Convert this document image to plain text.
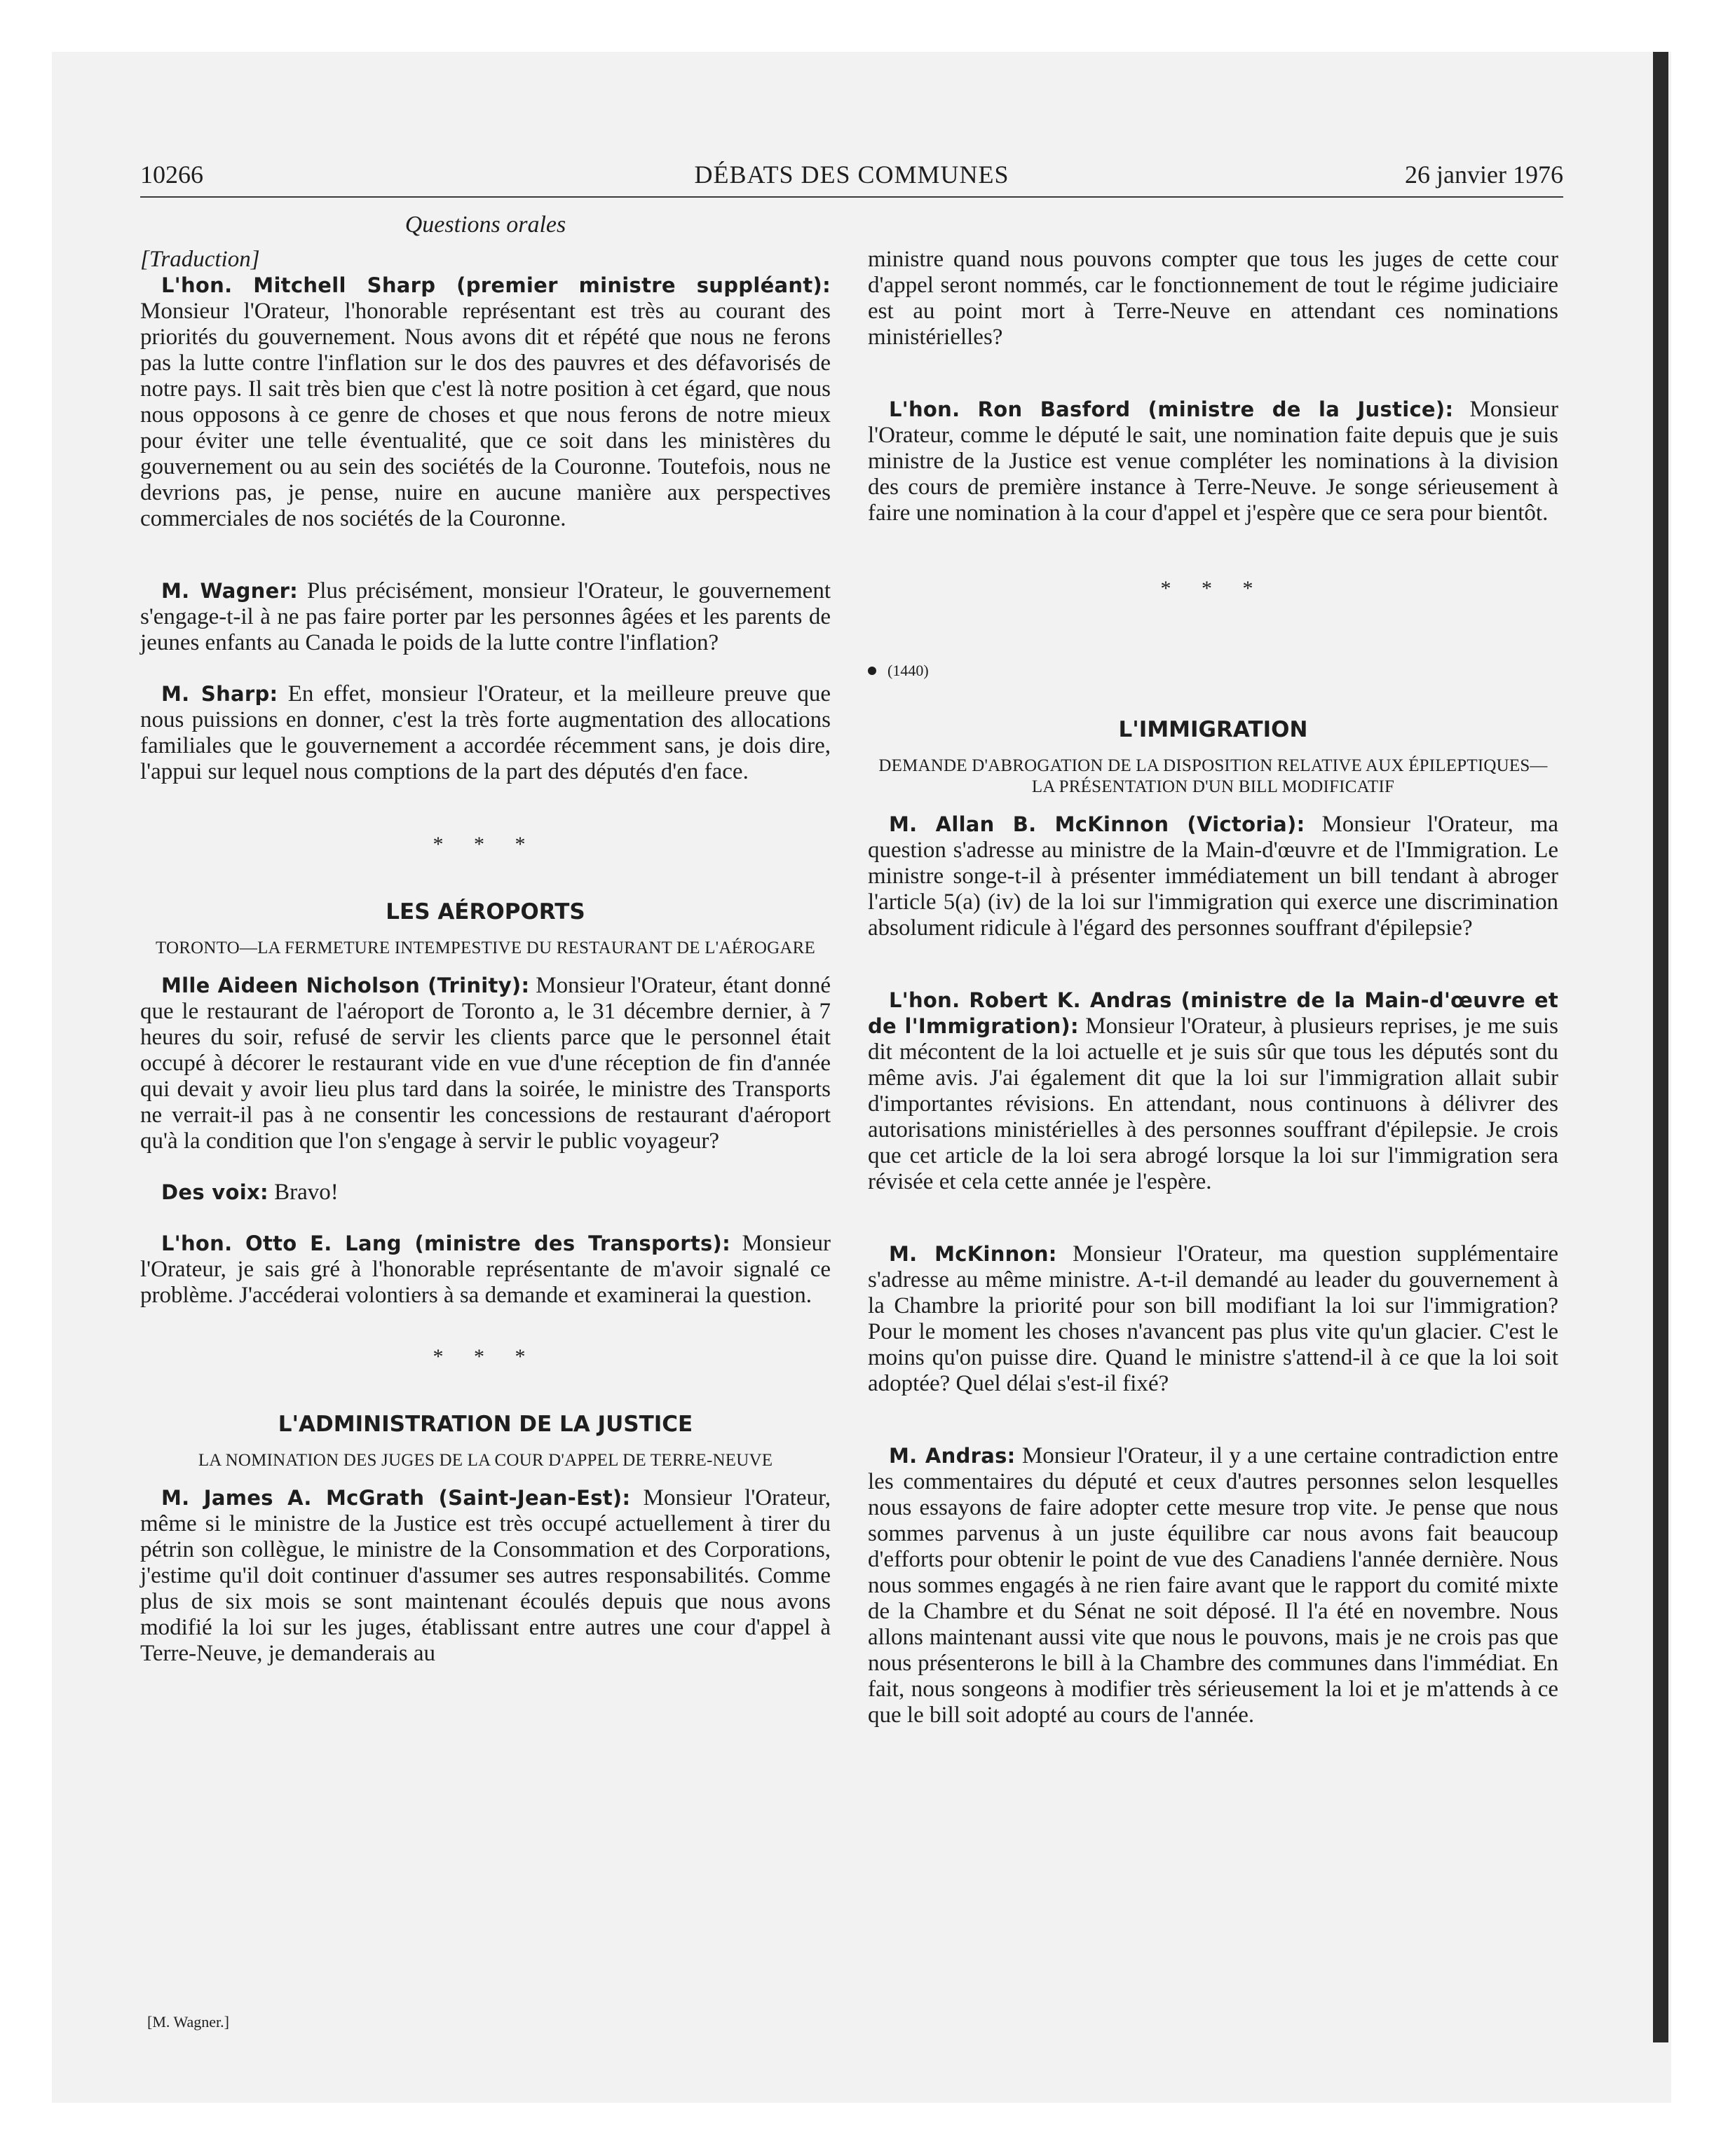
10266	DÉBATS DES COMMUNES	26 janvier 1976
Questions orales

[Traduction]

L'hon. Mitchell Sharp (premier ministre suppléant): Monsieur l'Orateur, l'honorable représentant est très au courant des priorités du gouvernement. Nous avons dit et répété que nous ne ferons pas la lutte contre l'inflation sur le dos des pauvres et des défavorisés de notre pays. Il sait très bien que c'est là notre position à cet égard, que nous nous opposons à ce genre de choses et que nous ferons de notre mieux pour éviter une telle éventualité, que ce soit dans les ministères du gouvernement ou au sein des sociétés de la Couronne. Toutefois, nous ne devrions pas, je pense, nuire en aucune manière aux perspectives commerciales de nos sociétés de la Couronne.

M. Wagner: Plus précisément, monsieur l'Orateur, le gouvernement s'engage-t-il à ne pas faire porter par les personnes âgées et les parents de jeunes enfants au Canada le poids de la lutte contre l'inflation?

M. Sharp: En effet, monsieur l'Orateur, et la meilleure preuve que nous puissions en donner, c'est la très forte augmentation des allocations familiales que le gouvernement a accordée récemment sans, je dois dire, l'appui sur lequel nous comptions de la part des députés d'en face.

* * *
LES AÉROPORTS
TORONTO—LA FERMETURE INTEMPESTIVE DU RESTAURANT DE L'AÉROGARE

Mlle Aideen Nicholson (Trinity): Monsieur l'Orateur, étant donné que le restaurant de l'aéroport de Toronto a, le 31 décembre dernier, à 7 heures du soir, refusé de servir les clients parce que le personnel était occupé à décorer le restaurant vide en vue d'une réception de fin d'année qui devait y avoir lieu plus tard dans la soirée, le ministre des Transports ne verrait-il pas à ne consentir les concessions de restaurant d'aéroport qu'à la condition que l'on s'engage à servir le public voyageur?

Des voix: Bravo!

L'hon. Otto E. Lang (ministre des Transports): Monsieur l'Orateur, je sais gré à l'honorable représentante de m'avoir signalé ce problème. J'accéderai volontiers à sa demande et examinerai la question.

* * *
L'ADMINISTRATION DE LA JUSTICE
LA NOMINATION DES JUGES DE LA COUR D'APPEL DE TERRE-NEUVE

M. James A. McGrath (Saint-Jean-Est): Monsieur l'Orateur, même si le ministre de la Justice est très occupé actuellement à tirer du pétrin son collègue, le ministre de la Consommation et des Corporations, j'estime qu'il doit continuer d'assumer ses autres responsabilités. Comme plus de six mois se sont maintenant écoulés depuis que nous avons modifié la loi sur les juges, établissant entre autres une cour d'appel à Terre-Neuve, je demanderais au

[M. Wagner.]

ministre quand nous pouvons compter que tous les juges de cette cour d'appel seront nommés, car le fonctionnement de tout le régime judiciaire est au point mort à Terre-Neuve en attendant ces nominations ministérielles?

L'hon. Ron Basford (ministre de la Justice): Monsieur l'Orateur, comme le député le sait, une nomination faite depuis que je suis ministre de la Justice est venue compléter les nominations à la division des cours de première instance à Terre-Neuve. Je songe sérieusement à faire une nomination à la cour d'appel et j'espère que ce sera pour bientôt.

* * *
(1440)
L'IMMIGRATION
DEMANDE D'ABROGATION DE LA DISPOSITION RELATIVE AUX ÉPILEPTIQUES—LA PRÉSENTATION D'UN BILL MODIFICATIF

M. Allan B. McKinnon (Victoria): Monsieur l'Orateur, ma question s'adresse au ministre de la Main-d'œuvre et de l'Immigration. Le ministre songe-t-il à présenter immédiatement un bill tendant à abroger l'article 5(a) (iv) de la loi sur l'immigration qui exerce une discrimination absolument ridicule à l'égard des personnes souffrant d'épilepsie?

L'hon. Robert K. Andras (ministre de la Main-d'œuvre et de l'Immigration): Monsieur l'Orateur, à plusieurs reprises, je me suis dit mécontent de la loi actuelle et je suis sûr que tous les députés sont du même avis. J'ai également dit que la loi sur l'immigration allait subir d'importantes révisions. En attendant, nous continuons à délivrer des autorisations ministérielles à des personnes souffrant d'épilepsie. Je crois que cet article de la loi sera abrogé lorsque la loi sur l'immigration sera révisée et cela cette année je l'espère.

M. McKinnon: Monsieur l'Orateur, ma question supplémentaire s'adresse au même ministre. A-t-il demandé au leader du gouvernement à la Chambre la priorité pour son bill modifiant la loi sur l'immigration? Pour le moment les choses n'avancent pas plus vite qu'un glacier. C'est le moins qu'on puisse dire. Quand le ministre s'attend-il à ce que la loi soit adoptée? Quel délai s'est-il fixé?

M. Andras: Monsieur l'Orateur, il y a une certaine contradiction entre les commentaires du député et ceux d'autres personnes selon lesquelles nous essayons de faire adopter cette mesure trop vite. Je pense que nous sommes parvenus à un juste équilibre car nous avons fait beaucoup d'efforts pour obtenir le point de vue des Canadiens l'année dernière. Nous nous sommes engagés à ne rien faire avant que le rapport du comité mixte de la Chambre et du Sénat ne soit déposé. Il l'a été en novembre. Nous allons maintenant aussi vite que nous le pouvons, mais je ne crois pas que nous présenterons le bill à la Chambre des communes dans l'immédiat. En fait, nous songeons à modifier très sérieusement la loi et je m'attends à ce que le bill soit adopté au cours de l'année.
